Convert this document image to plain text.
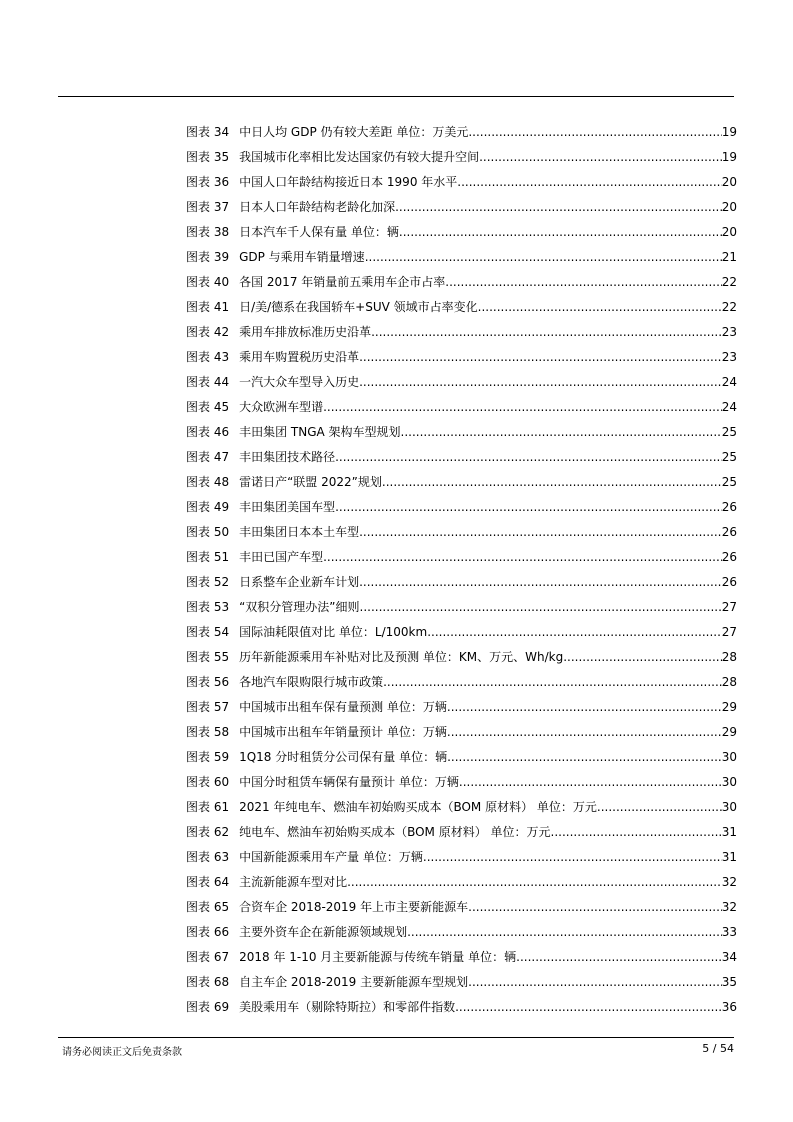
图表 34 中日人均 GDP 仍有较大差距 单位：万美元 .....	19
图表 35 我国城市化率相比发达国家仍有较大提升空间 .....	19
图表 36 中国人口年龄结构接近日本 1990 年水平 .....	20
图表 37 日本人口年龄结构老龄化加深 .....	20
图表 38 日本汽车千人保有量 单位：辆 .....	20
图表 39 GDP 与乘用车销量增速 .....	21
图表 40 各国 2017 年销量前五乘用车企市占率 .....	22
图表 41 日/美/德系在我国轿车+SUV 领域市占率变化 .....	22
图表 42 乘用车排放标准历史沿革 .....	23
图表 43 乘用车购置税历史沿革 .....	23
图表 44 一汽大众车型导入历史 .....	24
图表 45 大众欧洲车型谱 .....	24
图表 46 丰田集团 TNGA 架构车型规划 .....	25
图表 47 丰田集团技术路径 .....	25
图表 48 雷诺日产“联盟 2022”规划 .....	25
图表 49 丰田集团美国车型 .....	26
图表 50 丰田集团日本本土车型 .....	26
图表 51 丰田已国产车型 .....	26
图表 52 日系整车企业新车计划 .....	26
图表 53 “双积分管理办法”细则 .....	27
图表 54 国际油耗限值对比 单位：L/100km .....	27
图表 55 历年新能源乘用车补贴对比及预测 单位：KM、万元、Wh/kg .....	28
图表 56 各地汽车限购限行城市政策 .....	28
图表 57 中国城市出租车保有量预测 单位：万辆 .....	29
图表 58 中国城市出租车年销量预计 单位：万辆 .....	29
图表 59 1Q18 分时租赁分公司保有量 单位：辆 .....	30
图表 60 中国分时租赁车辆保有量预计 单位：万辆 .....	30
图表 61 2021 年纯电车、燃油车初始购买成本（BOM 原材料） 单位：万元 .....	30
图表 62 纯电车、燃油车初始购买成本（BOM 原材料） 单位：万元 .....	31
图表 63 中国新能源乘用车产量 单位：万辆 .....	31
图表 64 主流新能源车型对比 .....	32
图表 65 合资车企 2018-2019 年上市主要新能源车 .....	32
图表 66 主要外资车企在新能源领域规划 .....	33
图表 67 2018 年 1-10 月主要新能源与传统车销量 单位：辆 .....	34
图表 68 自主车企 2018-2019 主要新能源车型规划 .....	35
图表 69 美股乘用车（剔除特斯拉）和零部件指数 .....	36
请务必阅读正文后免责条款	5 / 54
